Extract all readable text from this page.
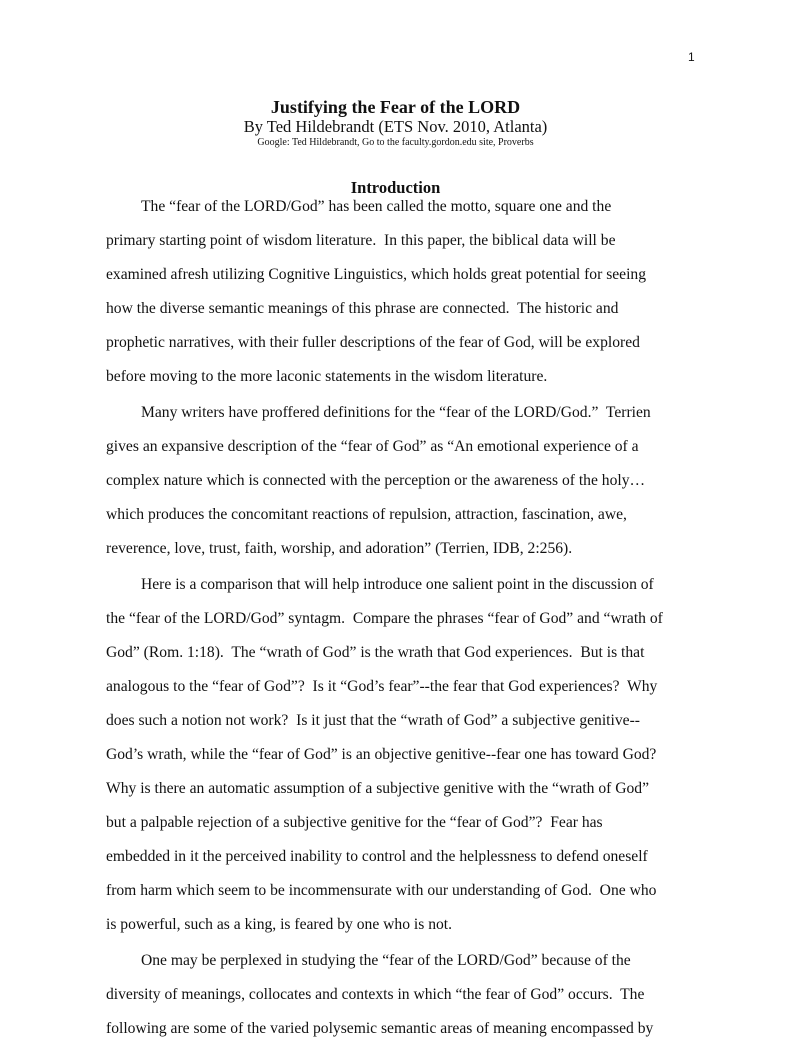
1
Justifying the Fear of the LORD
By Ted Hildebrandt (ETS Nov. 2010, Atlanta)
Google: Ted Hildebrandt, Go to the faculty.gordon.edu site, Proverbs
Introduction
The “fear of the LORD/God” has been called the motto, square one and the
primary starting point of wisdom literature.  In this paper, the biblical data will be
examined afresh utilizing Cognitive Linguistics, which holds great potential for seeing
how the diverse semantic meanings of this phrase are connected.  The historic and
prophetic narratives, with their fuller descriptions of the fear of God, will be explored
before moving to the more laconic statements in the wisdom literature.
Many writers have proffered definitions for the “fear of the LORD/God.”  Terrien
gives an expansive description of the “fear of God” as “An emotional experience of a
complex nature which is connected with the perception or the awareness of the holy…
which produces the concomitant reactions of repulsion, attraction, fascination, awe,
reverence, love, trust, faith, worship, and adoration” (Terrien, IDB, 2:256).
Here is a comparison that will help introduce one salient point in the discussion of
the “fear of the LORD/God” syntagm.  Compare the phrases “fear of God” and “wrath of
God” (Rom. 1:18).  The “wrath of God” is the wrath that God experiences.  But is that
analogous to the “fear of God”?  Is it “God’s fear”--the fear that God experiences?  Why
does such a notion not work?  Is it just that the “wrath of God” a subjective genitive--
God’s wrath, while the “fear of God” is an objective genitive--fear one has toward God?
Why is there an automatic assumption of a subjective genitive with the “wrath of God”
but a palpable rejection of a subjective genitive for the “fear of God”?  Fear has
embedded in it the perceived inability to control and the helplessness to defend oneself
from harm which seem to be incommensurate with our understanding of God.  One who
is powerful, such as a king, is feared by one who is not.
One may be perplexed in studying the “fear of the LORD/God” because of the
diversity of meanings, collocates and contexts in which “the fear of God” occurs.  The
following are some of the varied polysemic semantic areas of meaning encompassed by
